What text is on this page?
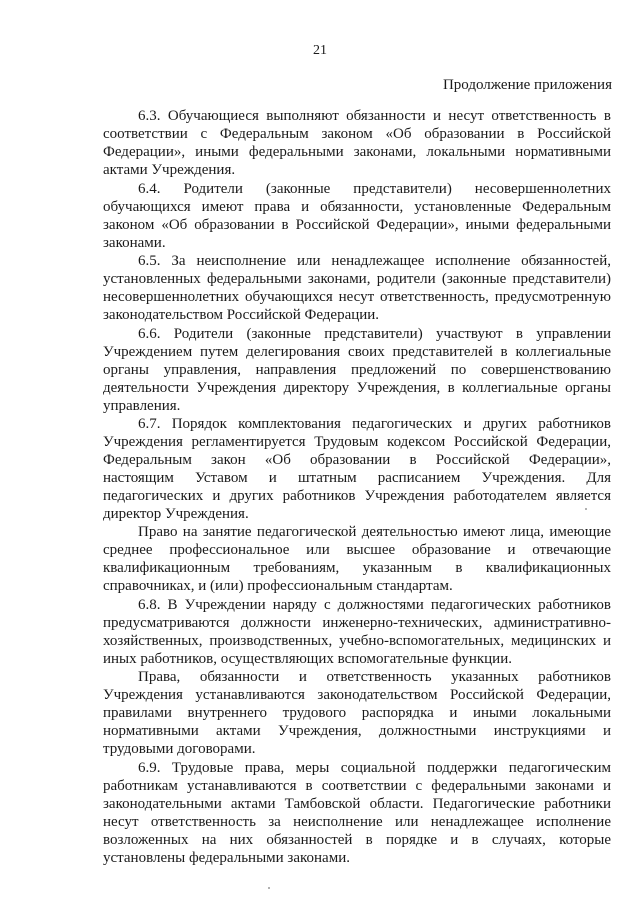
21
Продолжение приложения
6.3. Обучающиеся выполняют обязанности и несут ответственность в
соответствии с Федеральным законом «Об образовании в Российской
Федерации», иными федеральными законами, локальными нормативными
актами Учреждения.
6.4. Родители (законные представители) несовершеннолетних
обучающихся имеют права и обязанности, установленные Федеральным
законом «Об образовании в Российской Федерации», иными федеральными
законами.
6.5. За неисполнение или ненадлежащее исполнение обязанностей,
установленных федеральными законами, родители (законные представители)
несовершеннолетних обучающихся несут ответственность, предусмотренную
законодательством Российской Федерации.
6.6. Родители (законные представители) участвуют в управлении
Учреждением путем делегирования своих представителей в коллегиальные
органы управления, направления предложений по совершенствованию
деятельности Учреждения директору Учреждения, в коллегиальные органы
управления.
6.7. Порядок комплектования педагогических и других работников
Учреждения регламентируется Трудовым кодексом Российской Федерации,
Федеральным закон «Об образовании в Российской Федерации»,
настоящим Уставом и штатным расписанием Учреждения. Для
педагогических и других работников Учреждения работодателем является
директор Учреждения.
Право на занятие педагогической деятельностью имеют лица, имеющие
среднее профессиональное или высшее образование и отвечающие
квалификационным требованиям, указанным в квалификационных
справочниках, и (или) профессиональным стандартам.
6.8. В Учреждении наряду с должностями педагогических работников
предусматриваются должности инженерно-технических, административно-
хозяйственных, производственных, учебно-вспомогательных, медицинских и
иных работников, осуществляющих вспомогательные функции.
Права, обязанности и ответственность указанных работников
Учреждения устанавливаются законодательством Российской Федерации,
правилами внутреннего трудового распорядка и иными локальными
нормативными актами Учреждения, должностными инструкциями и
трудовыми договорами.
6.9. Трудовые права, меры социальной поддержки педагогическим
работникам устанавливаются в соответствии с федеральными законами и
законодательными актами Тамбовской области. Педагогические работники
несут ответственность за неисполнение или ненадлежащее исполнение
возложенных на них обязанностей в порядке и в случаях, которые
установлены федеральными законами.
